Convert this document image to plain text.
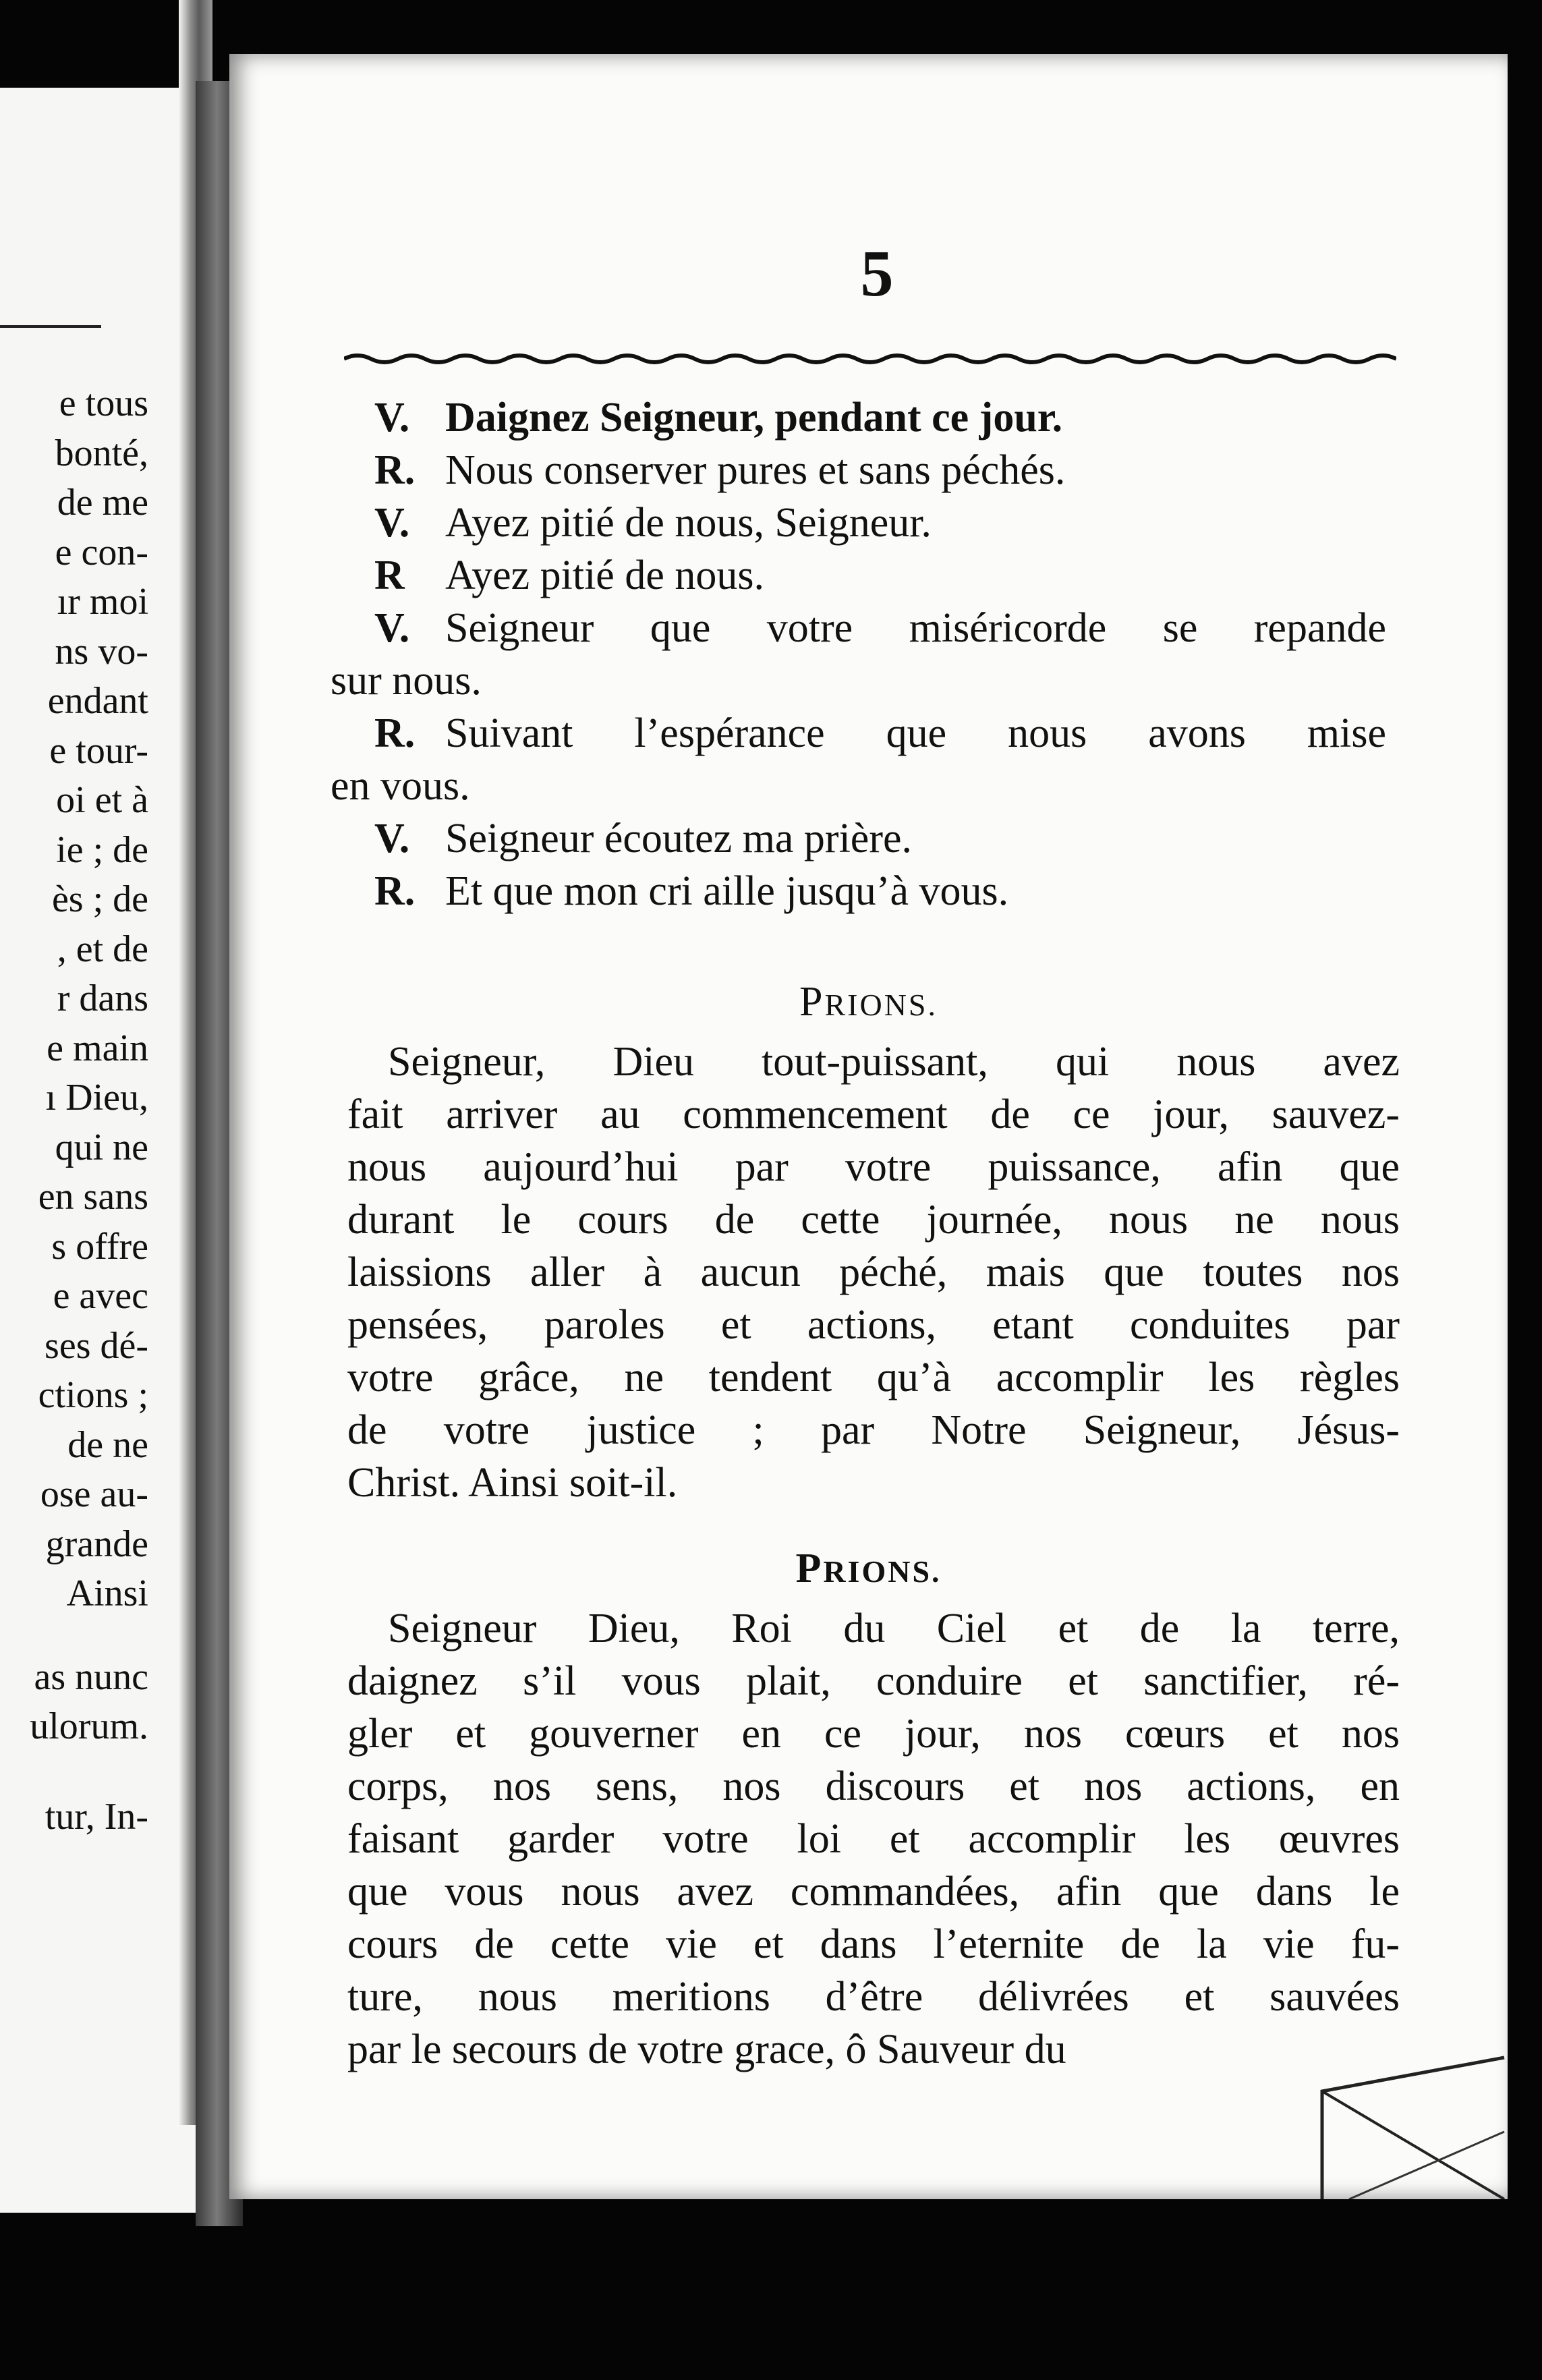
e tous
bonté,
de me
e con-
ır moi
ns vo-
endant
e tour-
oi et à
ie ; de
ès ; de
, et de
r dans
e main
ı Dieu,
qui ne
en sans
s offre
e avec
ses dé-
ctions ;
de ne
ose au-
grande
Ainsi
as nunc
ulorum.
tur, In-
5
V. Daignez Seigneur, pendant ce jour.
R. Nous conserver pures et sans péchés.
V. Ayez pitié de nous, Seigneur.
R Ayez pitié de nous.
V. Seigneur que votre miséricorde se repande
sur nous.
R. Suivant l’espérance que nous avons mise
en vous.
V. Seigneur écoutez ma prière.
R. Et que mon cri aille jusqu’à vous.
PRIONS.
Seigneur, Dieu tout-puissant, qui nous avez
fait arriver au commencement de ce jour, sauvez-
nous aujourd’hui par votre puissance, afin que
durant le cours de cette journée, nous ne nous
laissions aller à aucun péché, mais que toutes nos
pensées, paroles et actions, etant conduites par
votre grâce, ne tendent qu’à accomplir les règles
de votre justice ; par Notre Seigneur, Jésus-
Christ. Ainsi soit-il.
PRIONS.
Seigneur Dieu, Roi du Ciel et de la terre,
daignez s’il vous plait, conduire et sanctifier, ré-
gler et gouverner en ce jour, nos cœurs et nos
corps, nos sens, nos discours et nos actions, en
faisant garder votre loi et accomplir les œuvres
que vous nous avez commandées, afin que dans le
cours de cette vie et dans l’eternite de la vie fu-
ture, nous meritions d’être délivrées et sauvées
par le secours de votre grace, ô Sauveur du
